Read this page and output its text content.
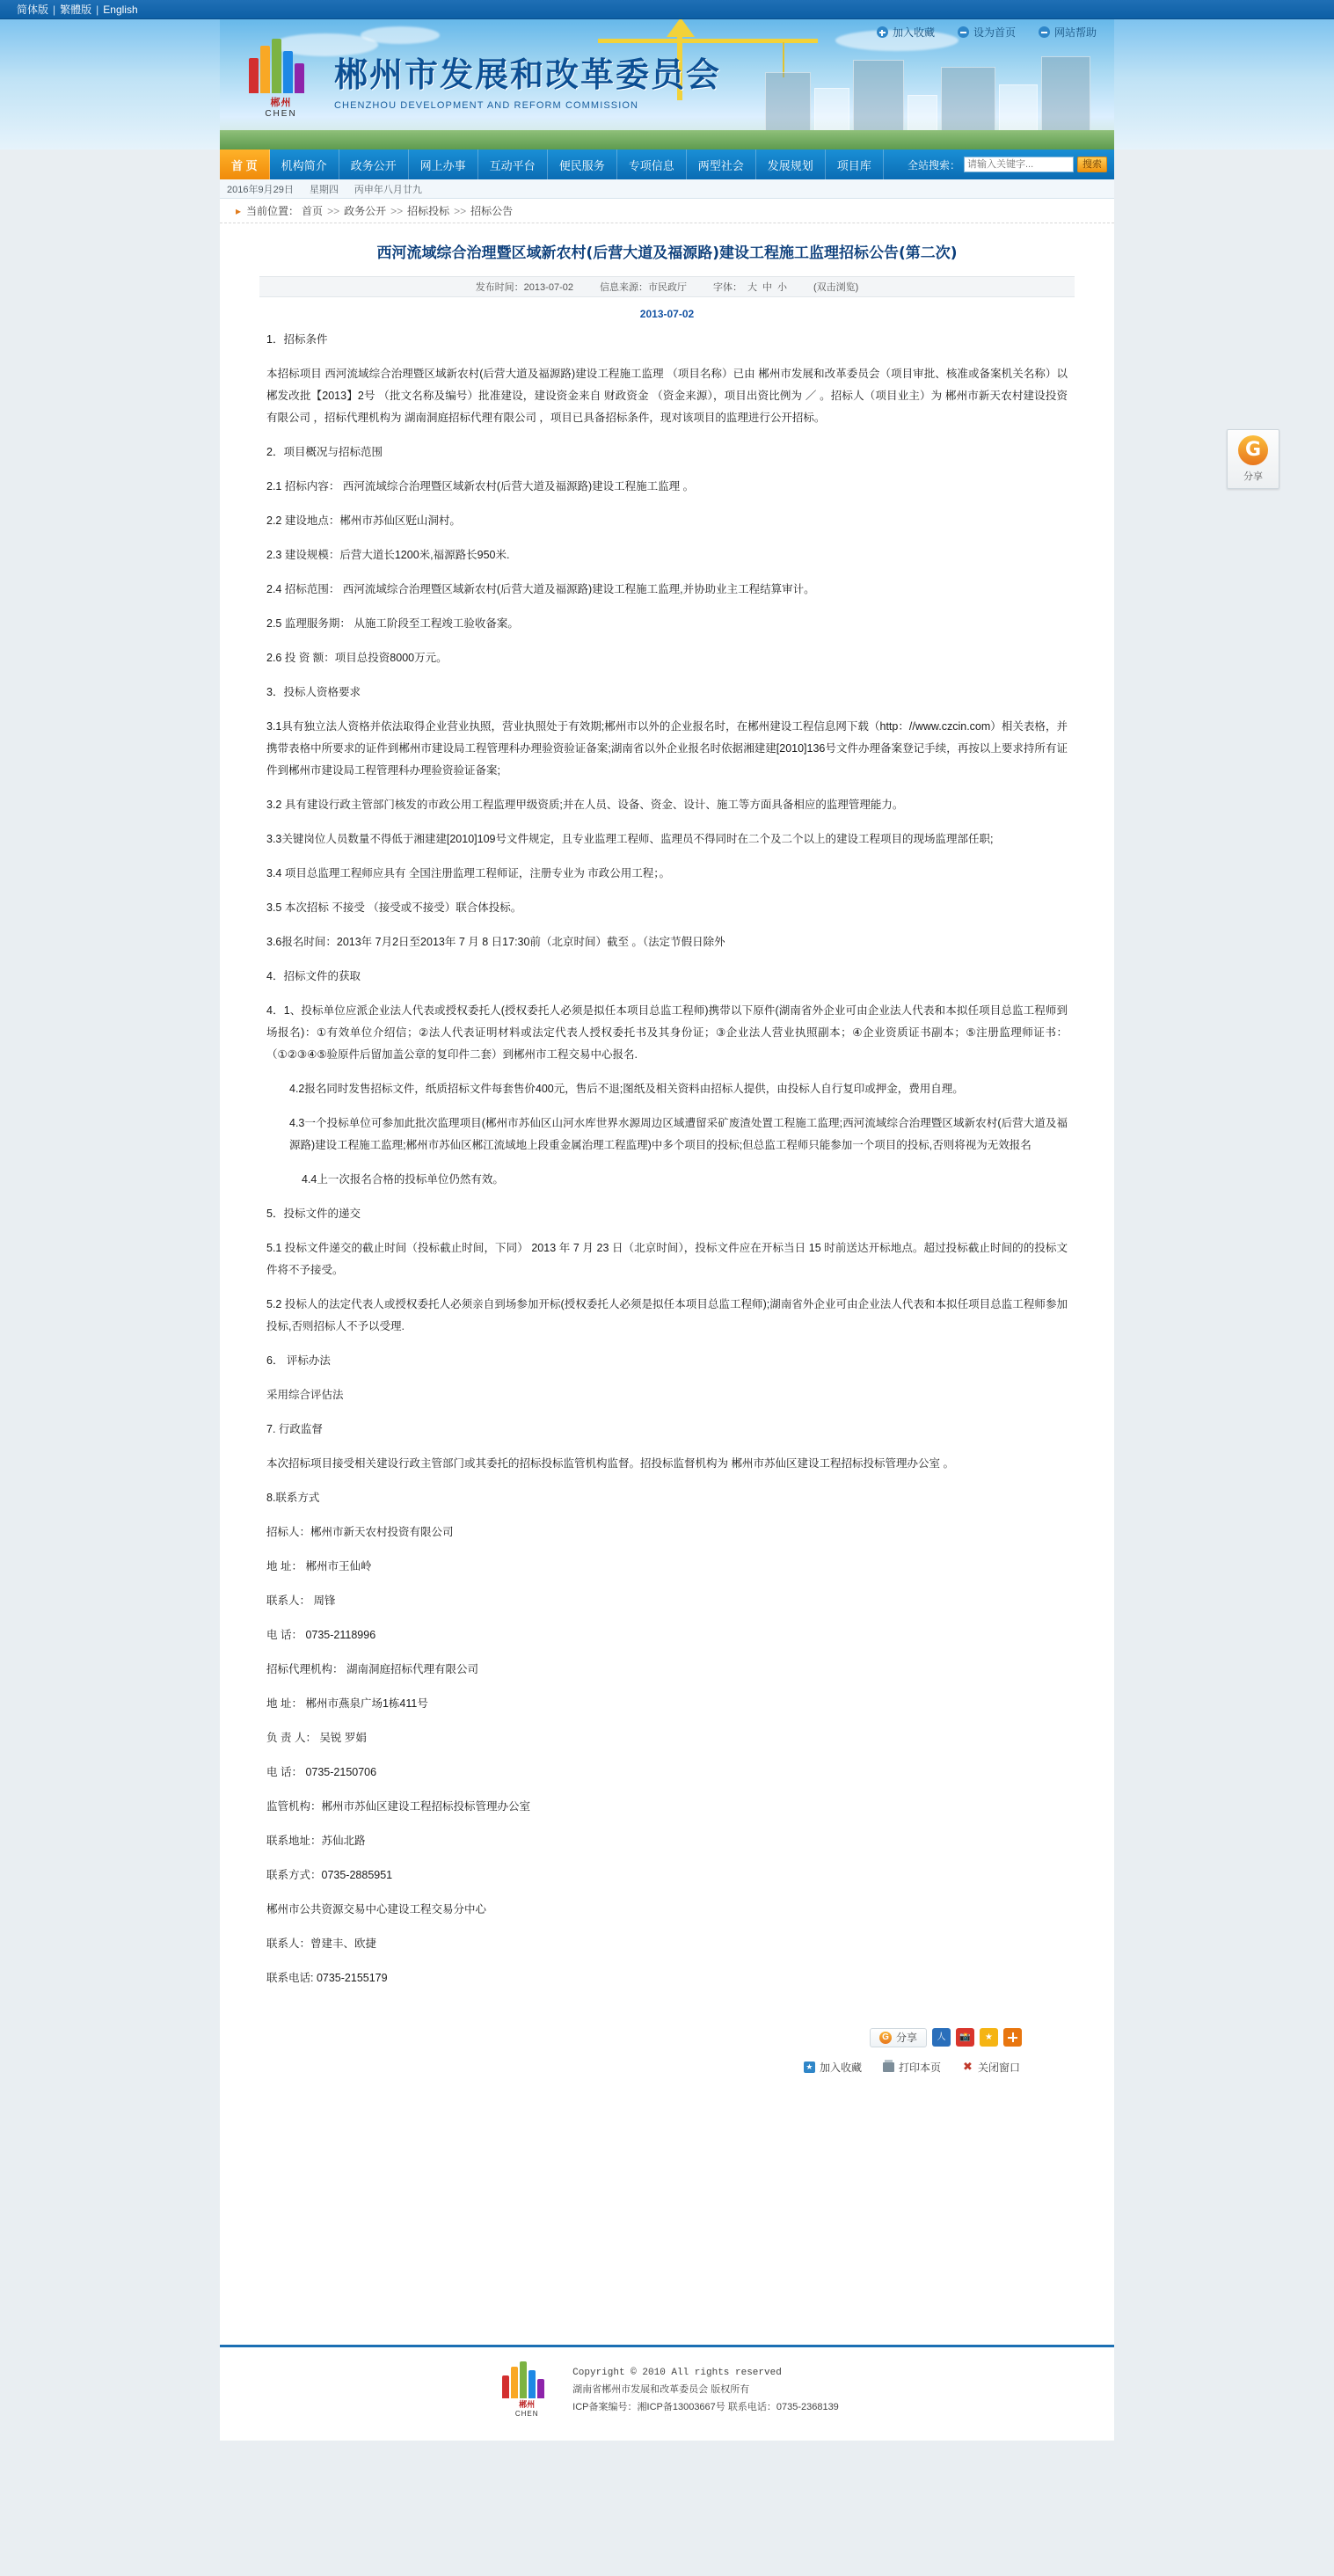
简体版 | 繁體版 | English
郴州
CHEN
郴州市发展和改革委员会
CHENZHOU DEVELOPMENT AND REFORM COMMISSION
加入收藏	设为首页	网站帮助
首 页	机构简介	政务公开	网上办事	互动平台	便民服务	专项信息	两型社会	发展规划	项目库	全站搜索：
请输入关键字...	搜索
2016年9月29日 星期四 丙申年八月廿九
▸ 当前位置： 首页 >> 政务公开 >> 招标投标 >> 招标公告
西河流域综合治理暨区域新农村(后营大道及福源路)建设工程施工监理招标公告(第二次)
发布时间：2013-07-02	信息来源：市民政厅	字体： 大 中 小	(双击浏览)
2013-07-02

1．招标条件

本招标项目 西河流域综合治理暨区域新农村(后营大道及福源路)建设工程施工监理 （项目名称）已由 郴州市发展和改革委员会（项目审批、核准或备案机关名称）以 郴发改批【2013】2号 （批文名称及编号）批准建设，建设资金来自 财政资金 （资金来源），项目出资比例为 ／ 。招标人（项目业主）为 郴州市新天农村建设投资有限公司 ，招标代理机构为 湖南洞庭招标代理有限公司 ，项目已具备招标条件，现对该项目的监理进行公开招标。

2．项目概况与招标范围

2.1 招标内容： 西河流域综合治理暨区域新农村(后营大道及福源路)建设工程施工监理 。

2.2 建设地点：郴州市苏仙区觃山洞村。

2.3 建设规模：后营大道长1200米,福源路长950米.

2.4 招标范围： 西河流域综合治理暨区域新农村(后营大道及福源路)建设工程施工监理,并协助业主工程结算审计。

2.5 监理服务期： 从施工阶段至工程竣工验收备案。

2.6 投 资 额：项目总投资8000万元。

3．投标人资格要求

3.1具有独立法人资格并依法取得企业营业执照，营业执照处于有效期;郴州市以外的企业报名时，在郴州建设工程信息网下载（http：//www.czcin.com）相关表格，并携带表格中所要求的证件到郴州市建设局工程管理科办理验资验证备案;湖南省以外企业报名时依据湘建建[2010]136号文件办理备案登记手续，再按以上要求持所有证件到郴州市建设局工程管理科办理验资验证备案;

3.2 具有建设行政主管部门核发的市政公用工程监理甲级资质;并在人员、设备、资金、设计、施工等方面具备相应的监理管理能力。

3.3关键岗位人员数量不得低于湘建建[2010]109号文件规定，且专业监理工程师、监理员不得同时在二个及二个以上的建设工程项目的现场监理部任职;

3.4 项目总监理工程师应具有 全国注册监理工程师证，注册专业为 市政公用工程；。

3.5 本次招标 不接受 （接受或不接受）联合体投标。

3.6报名时间：2013年 7月2日至2013年 7 月 8 日17:30前（北京时间）截至 。（法定节假日除外

4．招标文件的获取

4．1、投标单位应派企业法人代表或授权委托人(授权委托人必须是拟任本项目总监工程师)携带以下原件(湖南省外企业可由企业法人代表和本拟任项目总监工程师到场报名)：①有效单位介绍信；②法人代表证明材料或法定代表人授权委托书及其身份证；③企业法人营业执照副本；④企业资质证书副本；⑤注册监理师证书：（①②③④⑤验原件后留加盖公章的复印件二套）到郴州市工程交易中心报名.

4.2报名同时发售招标文件，纸质招标文件每套售价400元，售后不退;图纸及相关资料由招标人提供，由投标人自行复印或押金，费用自理。

4.3一个投标单位可参加此批次监理项目(郴州市苏仙区山河水库世界水源周边区域遭留采矿废渣处置工程施工监理;西河流域综合治理暨区域新农村(后营大道及福源路)建设工程施工监理;郴州市苏仙区郴江流域地上段重金属治理工程监理)中多个项目的投标;但总监工程师只能参加一个项目的投标,否则将视为无效报名

4.4上一次报名合格的投标单位仍然有效。

5．投标文件的递交

5.1 投标文件递交的截止时间（投标截止时间，下同） 2013 年 7 月 23 日（北京时间），投标文件应在开标当日 15 时前送达开标地点。超过投标截止时间的的投标文件将不予接受。

5.2 投标人的法定代表人或授权委托人必须亲自到场参加开标(授权委托人必须是拟任本项目总监工程师);湖南省外企业可由企业法人代表和本拟任项目总监工程师参加投标,否则招标人不予以受理.

6． 评标办法

采用综合评估法

7. 行政监督

本次招标项目接受相关建设行政主管部门或其委托的招标投标监管机构监督。招投标监督机构为 郴州市苏仙区建设工程招标投标管理办公室 。

8.联系方式

招标人：郴州市新天农村投资有限公司

地 址： 郴州市王仙岭

联系人： 周锋

电 话： 0735-2118996

招标代理机构： 湖南洞庭招标代理有限公司

地 址： 郴州市燕泉广场1栋411号

负 责 人： 吴锐 罗娟

电 话： 0735-2150706

监管机构：郴州市苏仙区建设工程招标投标管理办公室

联系地址：苏仙北路

联系方式：0735-2885951

郴州市公共资源交易中心建设工程交易分中心

联系人：曾建丰、欧捷

联系电话: 0735-2155179

G 分享	人	📸	★
★ 加入收藏	打印本页 ✖ 关闭窗口
G
分享
郴州
CHEN
Copyright © 2010 All rights reserved
湖南省郴州市发展和改革委员会 版权所有
ICP备案编号：湘ICP备13003667号 联系电话：0735-2368139
